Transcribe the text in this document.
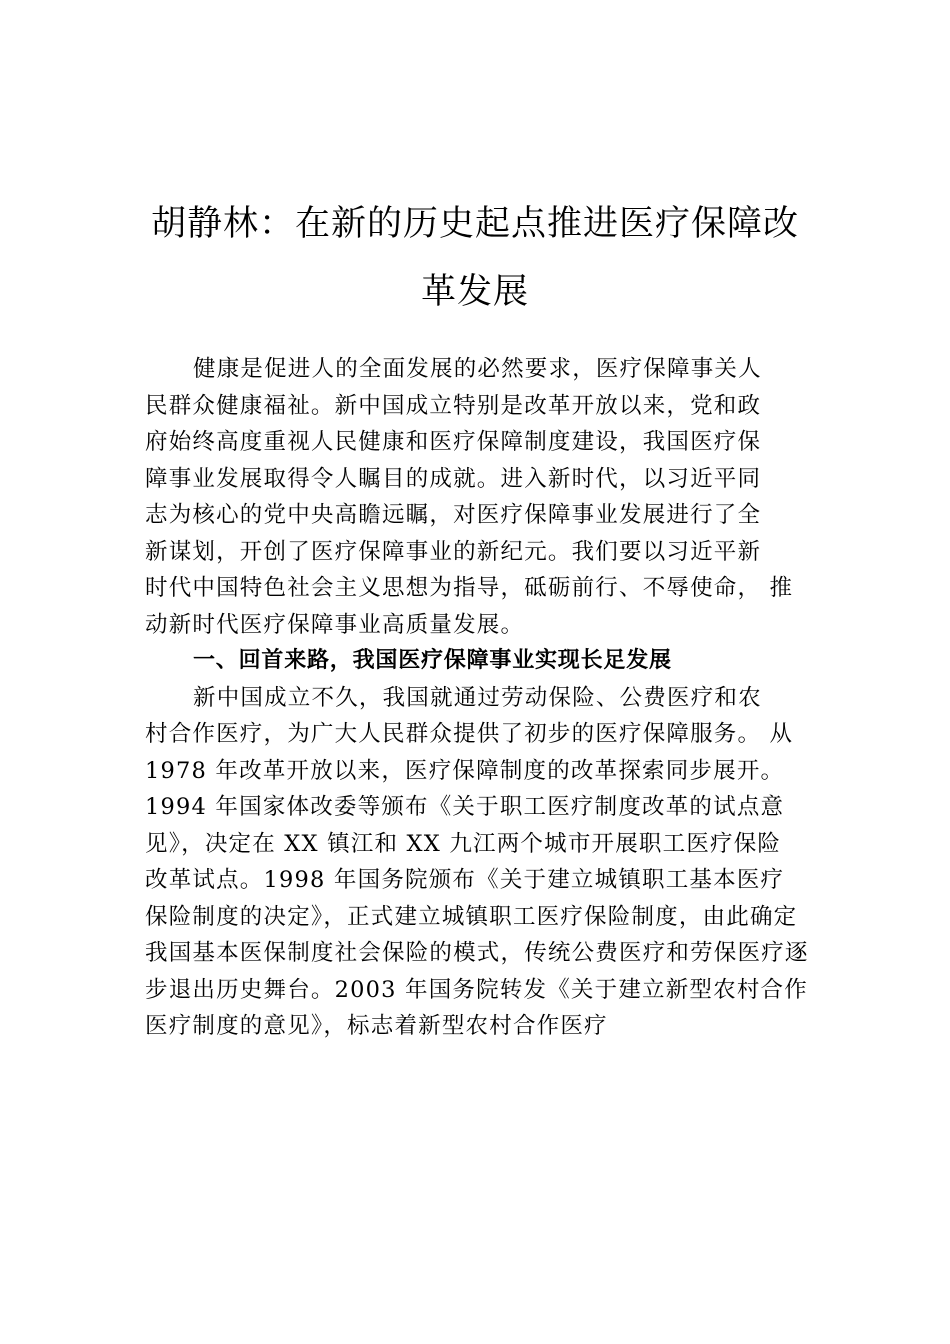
胡静林：在新的历史起点推进医疗保障改
革发展
健康是促进人的全面发展的必然要求，医疗保障事关人
民群众健康福祉。新中国成立特别是改革开放以来，党和政
府始终高度重视人民健康和医疗保障制度建设，我国医疗保
障事业发展取得令人瞩目的成就。进入新时代，以习近平同
志为核心的党中央高瞻远瞩，对医疗保障事业发展进行了全
新谋划，开创了医疗保障事业的新纪元。我们要以习近平新
时代中国特色社会主义思想为指导，砥砺前行、不辱使命， 推
动新时代医疗保障事业高质量发展。
一、回首来路，我国医疗保障事业实现长足发展
新中国成立不久，我国就通过劳动保险、公费医疗和农
村合作医疗，为广大人民群众提供了初步的医疗保障服务。 从
1978 年改革开放以来，医疗保障制度的改革探索同步展开。
1994 年国家体改委等颁布《关于职工医疗制度改革的试点意
见》，决定在 XX 镇江和 XX 九江两个城市开展职工医疗保险
改革试点。1998 年国务院颁布《关于建立城镇职工基本医疗
保险制度的决定》，正式建立城镇职工医疗保险制度，由此确定
我国基本医保制度社会保险的模式，传统公费医疗和劳保医疗逐
步退出历史舞台。2003 年国务院转发《关于建立新型农村合作
医疗制度的意见》，标志着新型农村合作医疗
